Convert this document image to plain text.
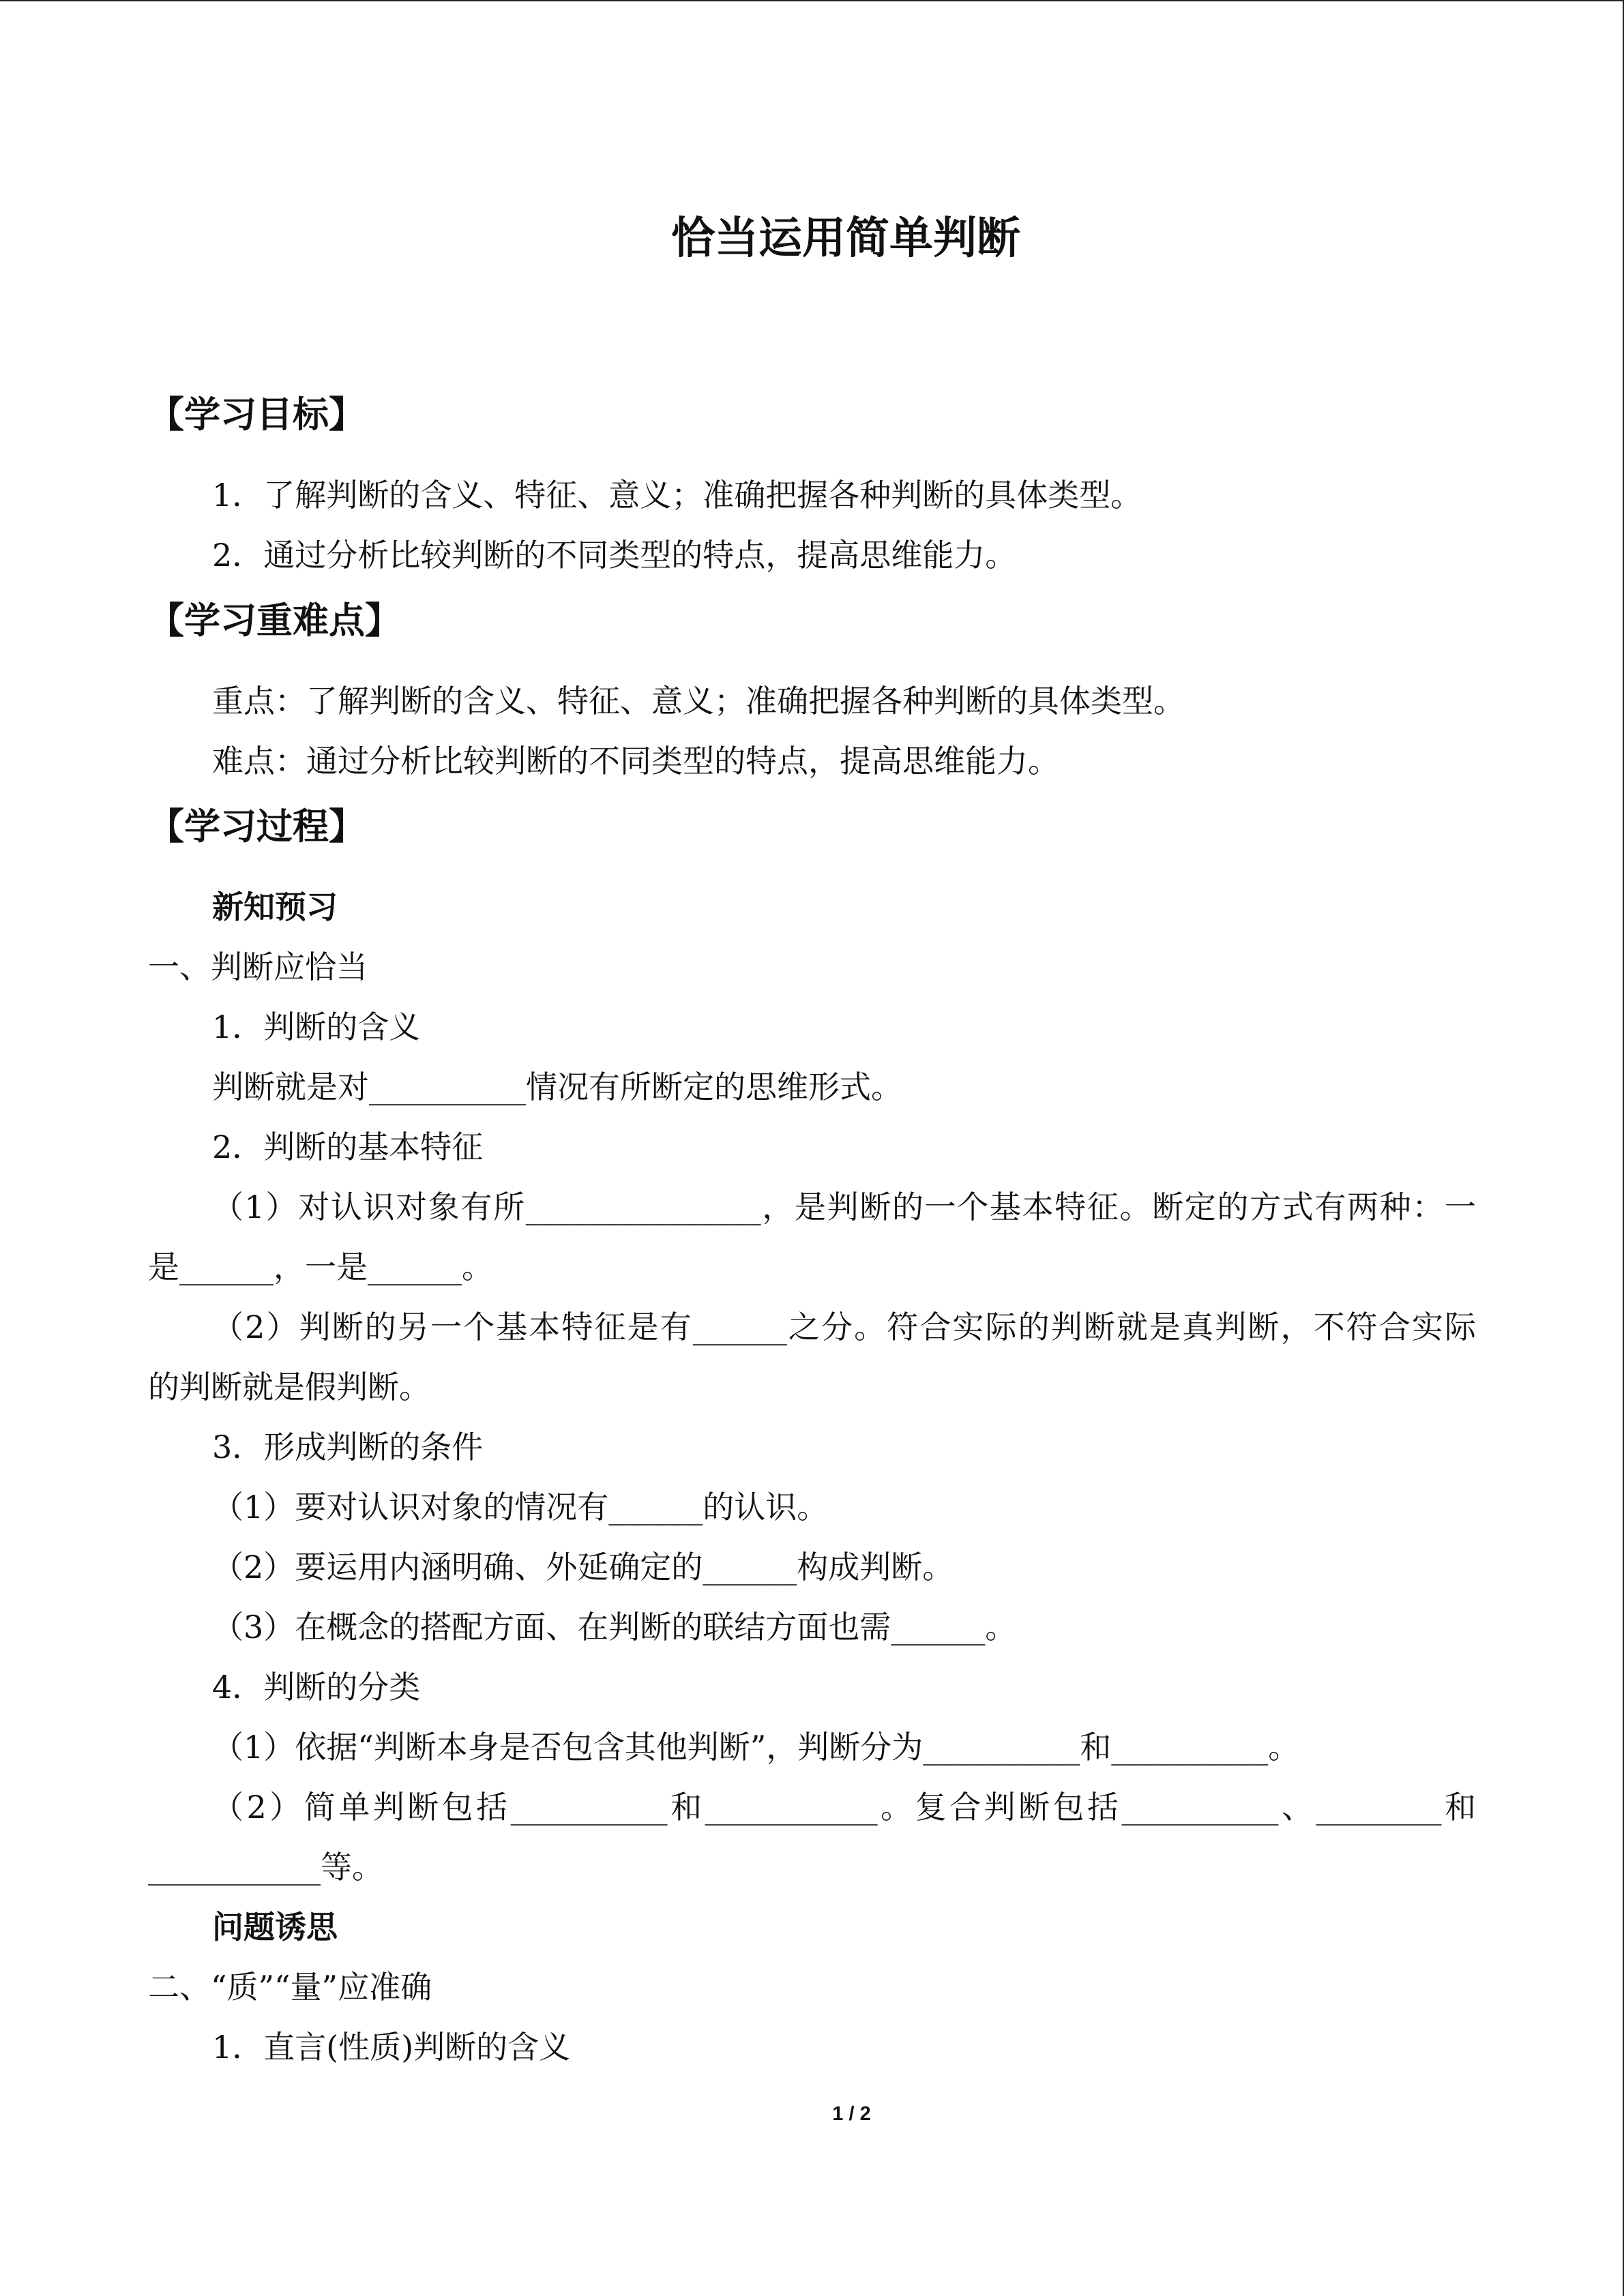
恰当运用简单判断
【学习目标】
1．了解判断的含义、特征、意义；准确把握各种判断的具体类型。
2．通过分析比较判断的不同类型的特点，提高思维能力。
【学习重难点】
重点：了解判断的含义、特征、意义；准确把握各种判断的具体类型。
难点：通过分析比较判断的不同类型的特点，提高思维能力。
【学习过程】
新知预习
一、判断应恰当
1．判断的含义
判断就是对__________情况有所断定的思维形式。
2．判断的基本特征
（1）对认识对象有所_______________，是判断的一个基本特征。断定的方式有两种：一
是______，一是______。
（2）判断的另一个基本特征是有______之分。符合实际的判断就是真判断，不符合实际
的判断就是假判断。
3．形成判断的条件
（1）要对认识对象的情况有______的认识。
（2）要运用内涵明确、外延确定的______构成判断。
（3）在概念的搭配方面、在判断的联结方面也需______。
4．判断的分类
（1）依据“判断本身是否包含其他判断”，判断分为__________和__________。
（2）简单判断包括__________和___________。复合判断包括__________、________和
___________等。
问题诱思
二、“质”“量”应准确
1．直言(性质)判断的含义
1 / 2
